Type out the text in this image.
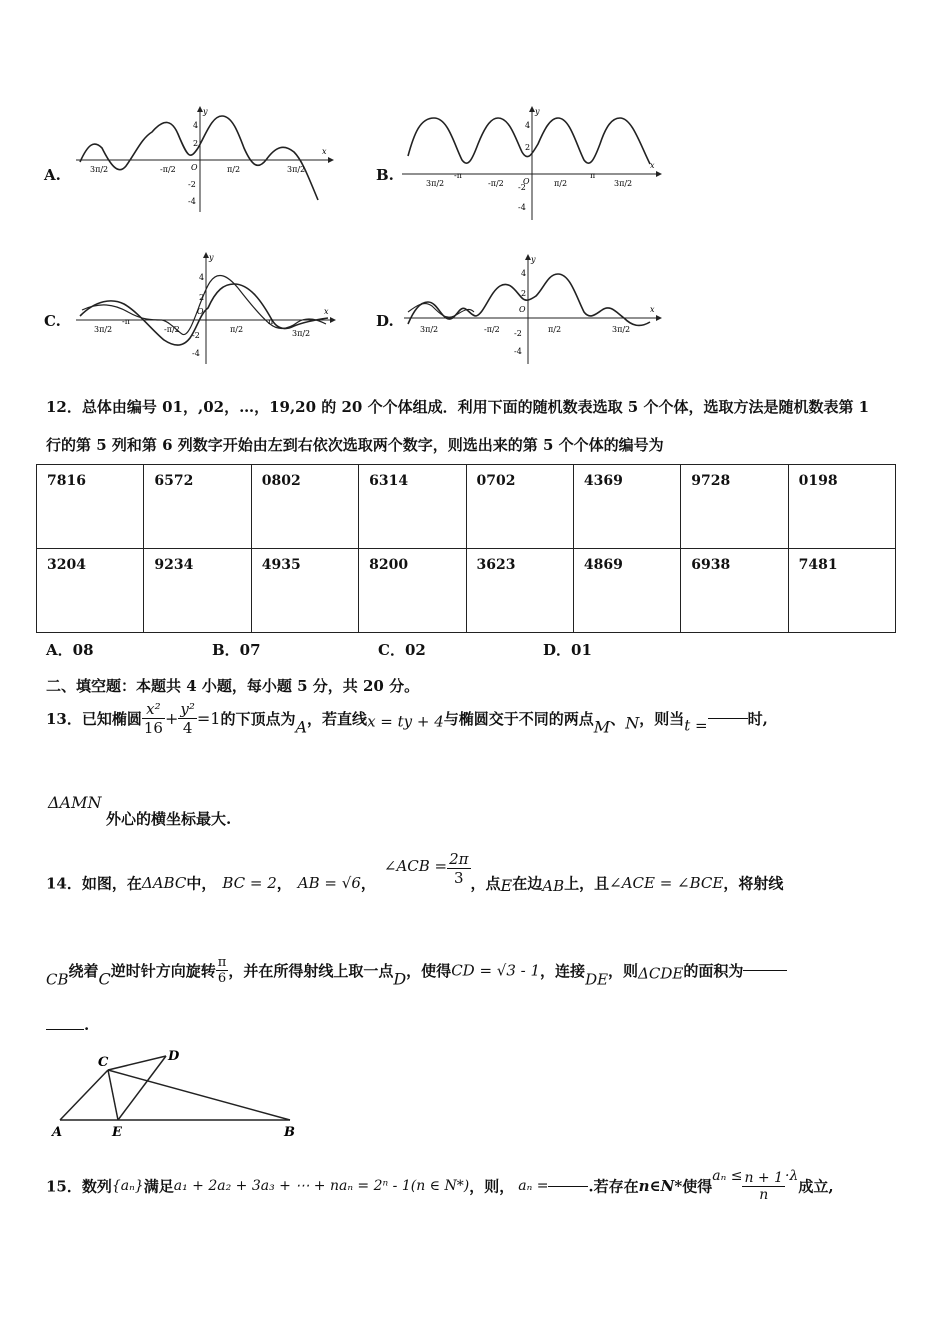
A.
x
y
O
4
2
-2
-4
3π/2	-π/2	π/2	3π/2	B.
x
y
O
4
2
-2
-4
3π/2
-π
-π/2	π/2
π
3π/2
C.
x
y
O
4
2
-2
-4
3π/2
-π
-π/2	π/2
π
3π/2
D.
x
y
O
4
2
-2
-4
3π/2	-π/2	π/2	3π/2
12．总体由编号 01，,02，…，19,20 的 20 个个体组成．利用下面的随机数表选取 5 个个体，选取方法是随机数表第 1
行的第 5 列和第 6 列数字开始由左到右依次选取两个数字，则选出来的第 5 个个体的编号为
7816	6572	0802	6314	0702	4369	9728	0198
3204	9234	4935	8200	3623	4869	6938	7481
A．08	B．07	C．02	D．01
二、填空题：本题共 4 小题，每小题 5 分，共 20 分。
13．已知椭圆 $\frac{\text{x²}}{16} + \frac{\text{y²}}{4} =1$的下顶点为A，若直线x = ty + 4与椭圆交于不同的两点M、N，则当t =	时,
ΔAMN
外心的横坐标最大.
14．如图，在ΔABC中， BC = 2， AB = √6，∠ACB = $\frac{2\pi}{3}$ ，点E在边AB上，且∠ACE = ∠BCE，将射线
CB绕着C逆时针方向旋转 $\frac{\pi}{6}$ ，并在所得射线上取一点D，使得CD = √3 - 1，连接DE，则ΔCDE的面积为
.
C	D
A	E	B
15．数列{aₙ}满足a₁ + 2a₂ + 3a₃ + ⋯ + naₙ = 2ⁿ - 1(n ∈ N*)，则， aₙ =	.若存在n∈N*使得$a_n \le \frac{n + 1}{n} \cdot\lambda$成立,
